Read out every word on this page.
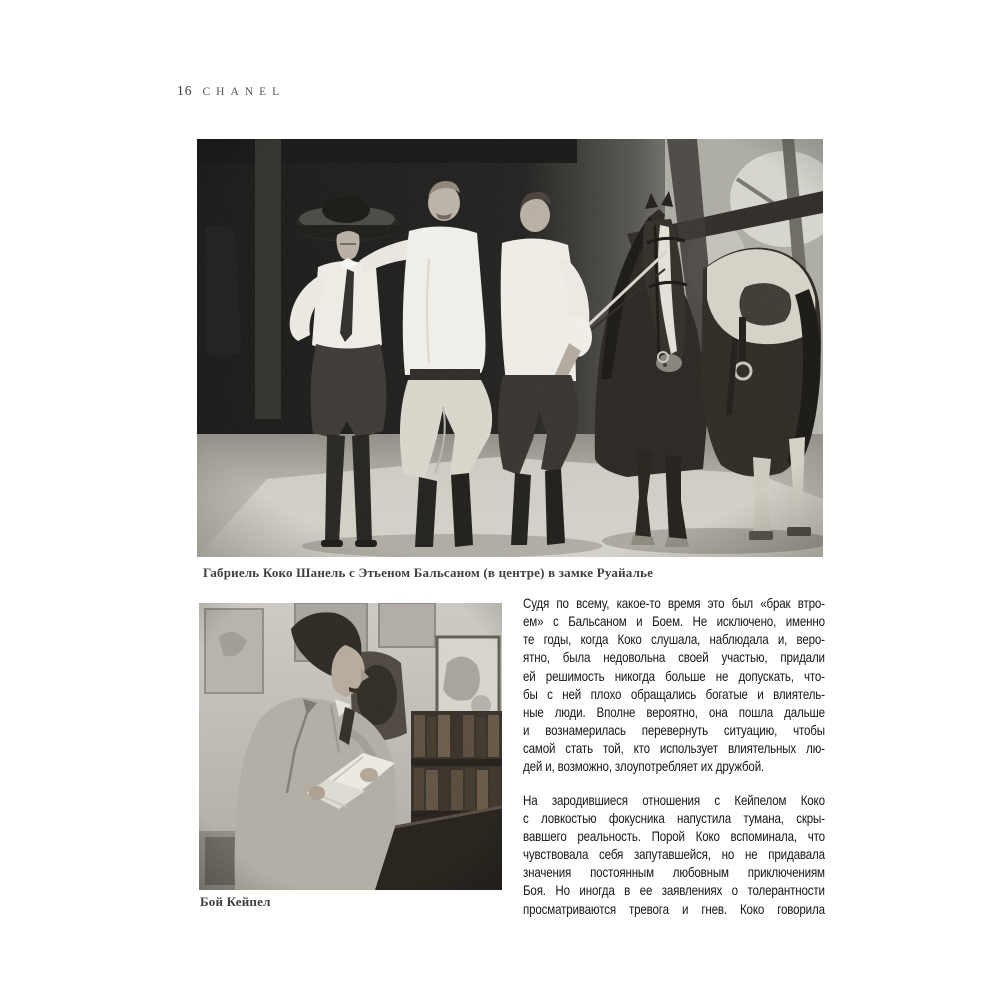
16 CHANEL
Габриель Коко Шанель с Этьеном Бальсаном (в центре) в замке Руайалье
Бой Кейпел
Судя по всему, какое-то время это был «брак втро-
ем» с Бальсаном и Боем. Не исключено, именно
те годы, когда Коко слушала, наблюдала и, веро-
ятно, была недовольна своей участью, придали
ей решимость никогда больше не допускать, что-
бы с ней плохо обращались богатые и влиятель-
ные люди. Вполне вероятно, она пошла дальше
и вознамерилась перевернуть ситуацию, чтобы
самой стать той, кто использует влиятельных лю-
дей и, возможно, злоупотребляет их дружбой.
На зародившиеся отношения с Кейпелом Коко
с ловкостью фокусника напустила тумана, скры-
вавшего реальность. Порой Коко вспоминала, что
чувствовала себя запутавшейся, но не придавала
значения постоянным любовным приключениям
Боя. Но иногда в ее заявлениях о толерантности
просматриваются тревога и гнев. Коко говорила
